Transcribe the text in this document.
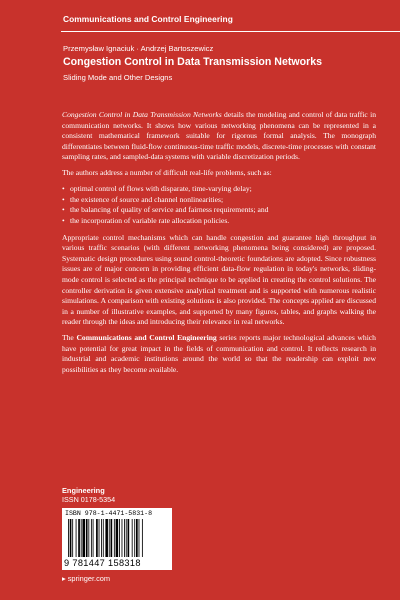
Communications and Control Engineering
Przemysław Ignaciuk · Andrzej Bartoszewicz
Congestion Control in Data Transmission Networks
Sliding Mode and Other Designs

Congestion Control in Data Transmission Networks details the modeling and control of data traffic in communication networks. It shows how various networking phenomena can be represented in a consistent mathematical framework suitable for rigorous formal analysis. The monograph differentiates between fluid-flow continuous-time traffic models, discrete-time processes with constant sampling rates, and sampled-data systems with variable discretization periods.

The authors address a number of difficult real-life problems, such as:

• optimal control of flows with disparate, time-varying delay;
• the existence of source and channel nonlinearities;
• the balancing of quality of service and fairness requirements; and
• the incorporation of variable rate allocation policies.

Appropriate control mechanisms which can handle congestion and guarantee high throughput in various traffic scenarios (with different networking phenomena being considered) are proposed. Systematic design procedures using sound control-theoretic foundations are adopted. Since robustness issues are of major concern in providing efficient data-flow regulation in today's networks, sliding-mode control is selected as the principal technique to be applied in creating the control solutions. The controller derivation is given extensive analytical treatment and is supported with numerous realistic simulations. A comparison with existing solutions is also provided. The concepts applied are discussed in a number of illustrative examples, and supported by many figures, tables, and graphs walking the reader through the ideas and introducing their relevance in real networks.

The Communications and Control Engineering series reports major technological advances which have potential for great impact in the fields of communication and control. It reflects research in industrial and academic institutions around the world so that the readership can exploit new possibilities as they become available.

Engineering
ISSN 0178-5354
ISBN 978-1-4471-5831-8
9 781447 158318
▸ springer.com
